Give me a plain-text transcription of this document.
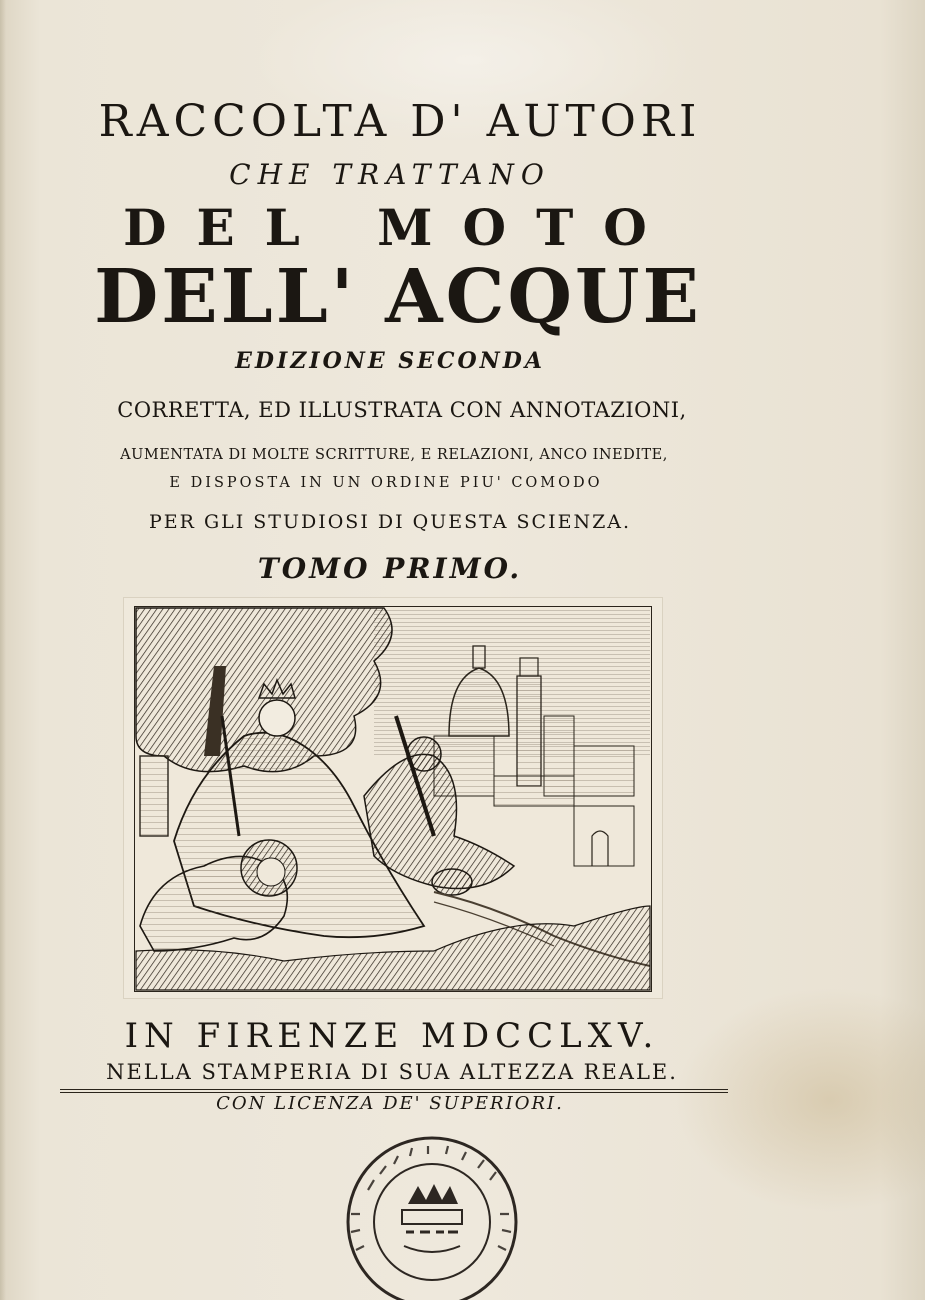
RACCOLTA D' AUTORI

CHE TRATTANO

DEL MOTO

DELL' ACQUE

EDIZIONE SECONDA

CORRETTA, ED ILLUSTRATA CON ANNOTAZIONI,

AUMENTATA DI MOLTE SCRITTURE, E RELAZIONI, ANCO INEDITE,

E DISPOSTA IN UN ORDINE PIU' COMODO

PER GLI STUDIOSI DI QUESTA SCIENZA.

TOMO PRIMO.

IN FIRENZE MDCCLXV.

NELLA STAMPERIA DI SUA ALTEZZA REALE.

CON LICENZA DE' SUPERIORI.
